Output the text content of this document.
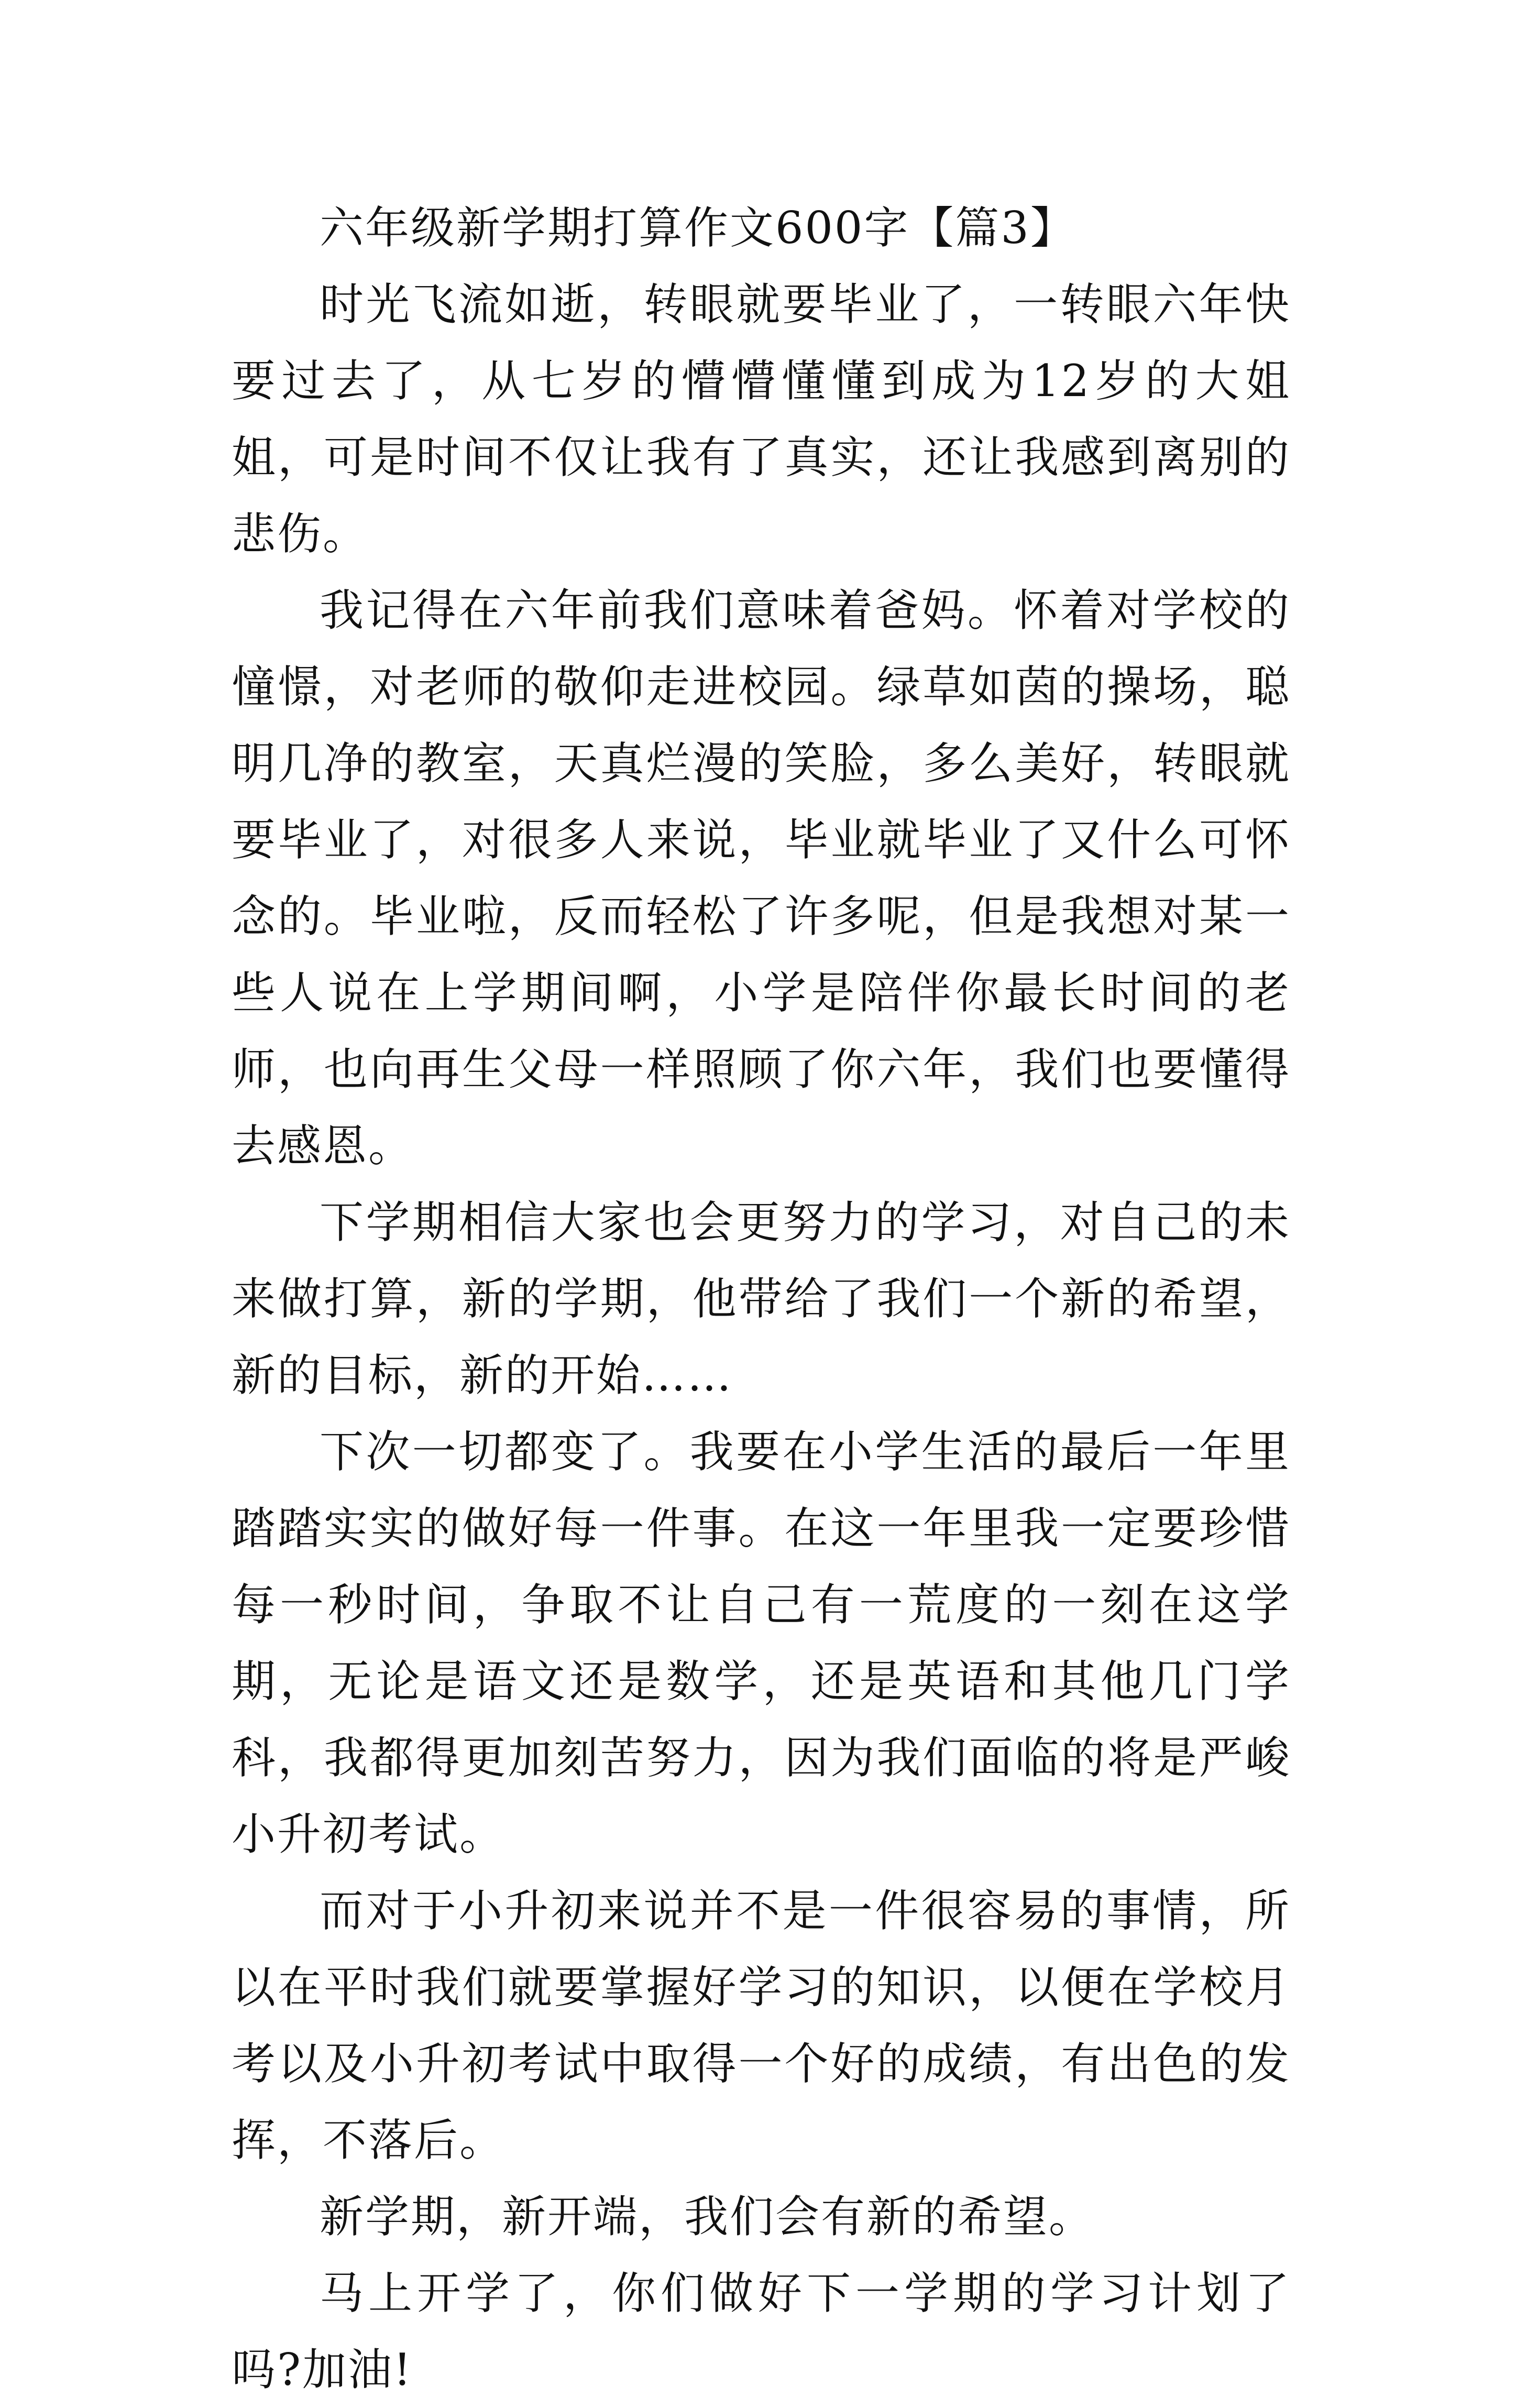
六年级新学期打算作文600字【篇3】

时光飞流如逝，转眼就要毕业了，一转眼六年快要过去了，从七岁的懵懵懂懂到成为12岁的大姐姐，可是时间不仅让我有了真实，还让我感到离别的悲伤。

我记得在六年前我们意味着爸妈。怀着对学校的憧憬，对老师的敬仰走进校园。绿草如茵的操场，聪明几净的教室，天真烂漫的笑脸，多么美好，转眼就要毕业了，对很多人来说，毕业就毕业了又什么可怀念的。毕业啦，反而轻松了许多呢，但是我想对某一些人说在上学期间啊，小学是陪伴你最长时间的老师，也向再生父母一样照顾了你六年，我们也要懂得去感恩。

下学期相信大家也会更努力的学习，对自己的未来做打算，新的学期，他带给了我们一个新的希望，新的目标，新的开始……

下次一切都变了。我要在小学生活的最后一年里踏踏实实的做好每一件事。在这一年里我一定要珍惜每一秒时间，争取不让自己有一荒度的一刻在这学期，无论是语文还是数学，还是英语和其他几门学科，我都得更加刻苦努力，因为我们面临的将是严峻小升初考试。

而对于小升初来说并不是一件很容易的事情，所以在平时我们就要掌握好学习的知识，以便在学校月考以及小升初考试中取得一个好的成绩，有出色的发挥，不落后。

新学期，新开端，我们会有新的希望。

马上开学了，你们做好下一学期的学习计划了吗?加油!
